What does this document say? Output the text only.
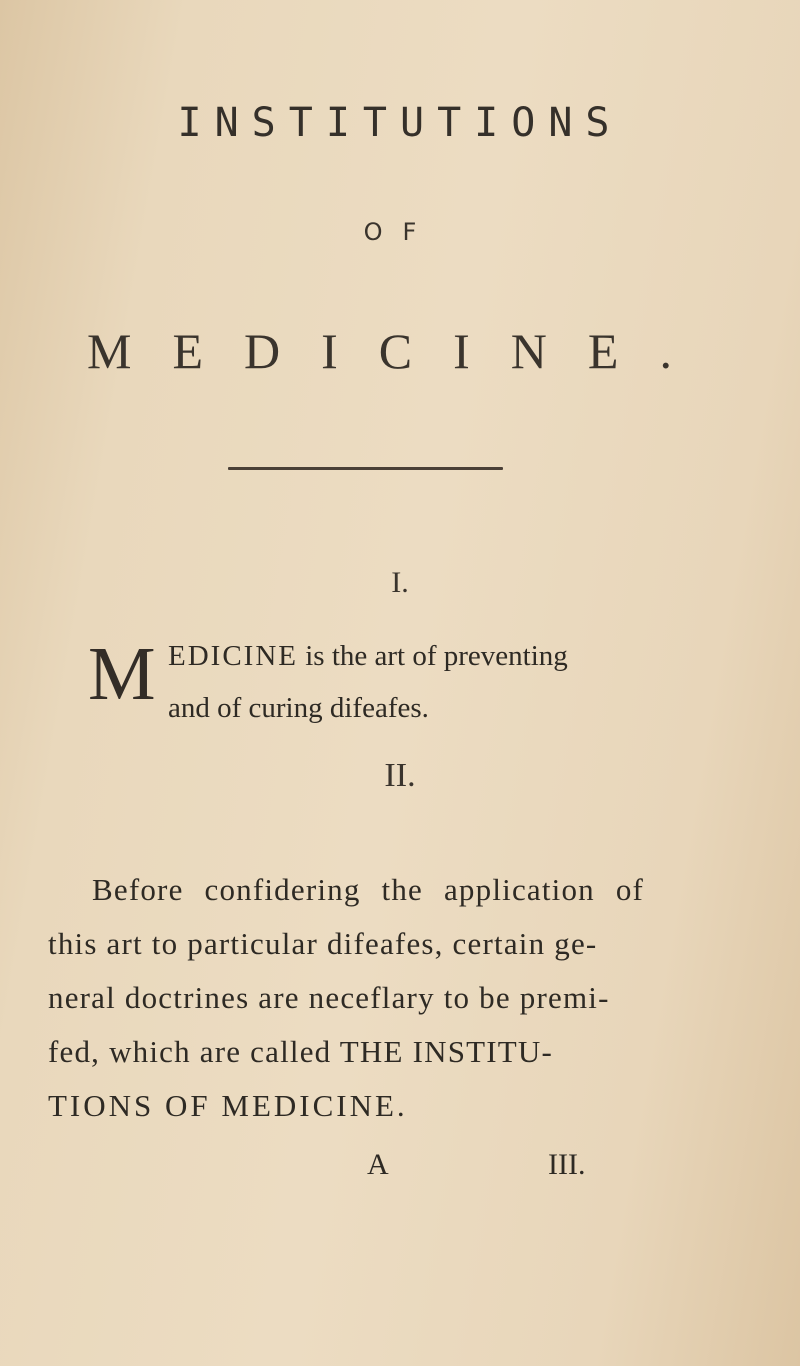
INSTITUTIONS
OF
MEDICINE.
I.
M EDICINE is the art of preventing
and of curing difeafes.
II.
Before confidering the application of
this art to particular difeafes, certain ge-
neral doctrines are neceflary to be premi-
fed, which are called THE INSTITU-
TIONS OF MEDICINE.
A	III.
